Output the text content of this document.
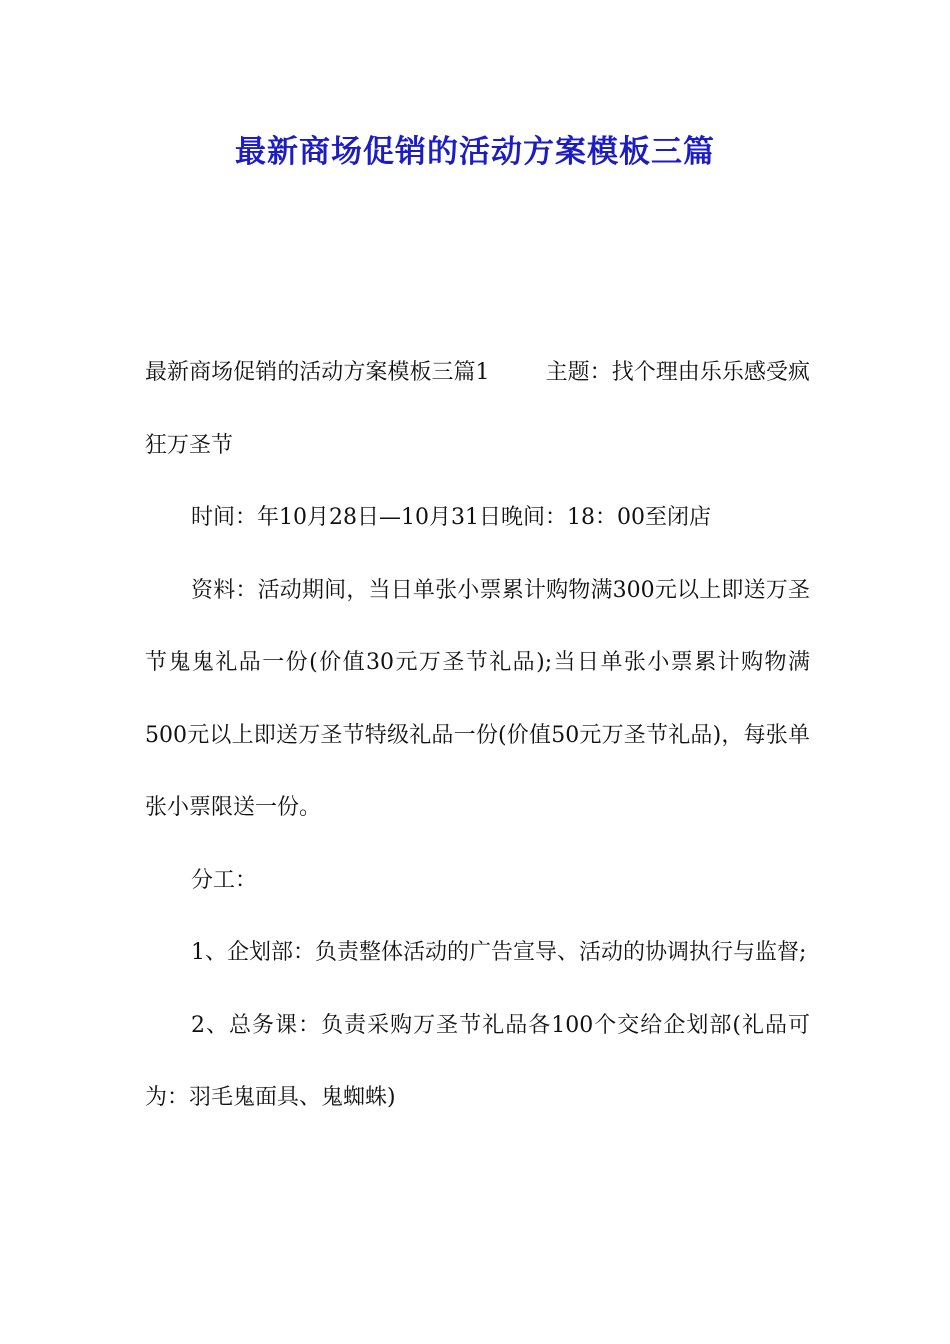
最新商场促销的活动方案模板三篇

最新商场促销的活动方案模板三篇1	主题：找个理由乐乐感受疯狂万圣节

时间：年10月28日—10月31日晚间：18：00至闭店

资料：活动期间，当日单张小票累计购物满300元以上即送万圣节鬼鬼礼品一份(价值30元万圣节礼品);当日单张小票累计购物满500元以上即送万圣节特级礼品一份(价值50元万圣节礼品)，每张单张小票限送一份。

分工：

1、企划部：负责整体活动的广告宣导、活动的协调执行与监督;

2、总务课：负责采购万圣节礼品各100个交给企划部(礼品可为：羽毛鬼面具、鬼蜘蛛)
